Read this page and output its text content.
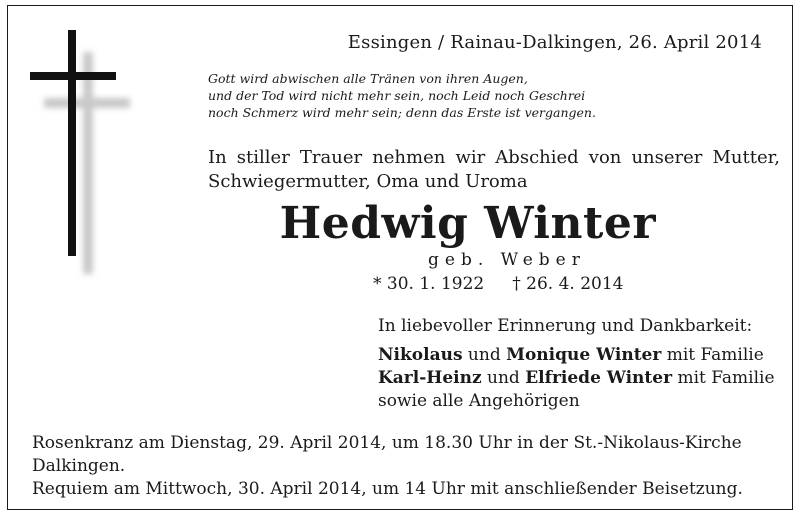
Essingen / Rainau-Dalkingen, 26. April 2014
Gott wird abwischen alle Tränen von ihren Augen,
und der Tod wird nicht mehr sein, noch Leid noch Geschrei
noch Schmerz wird mehr sein; denn das Erste ist vergangen.
In stiller Trauer nehmen wir Abschied von unserer Mutter, Schwiegermutter, Oma und Uroma
Hedwig Winter
geb. Weber
* 30. 1. 1922 † 26. 4. 2014
In liebevoller Erinnerung und Dankbarkeit:
Nikolaus und Monique Winter mit Familie
Karl-Heinz und Elfriede Winter mit Familie
sowie alle Angehörigen
Rosenkranz am Dienstag, 29. April 2014, um 18.30 Uhr in der St.-Nikolaus-Kirche
Dalkingen.
Requiem am Mittwoch, 30. April 2014, um 14 Uhr mit anschließender Beisetzung.
